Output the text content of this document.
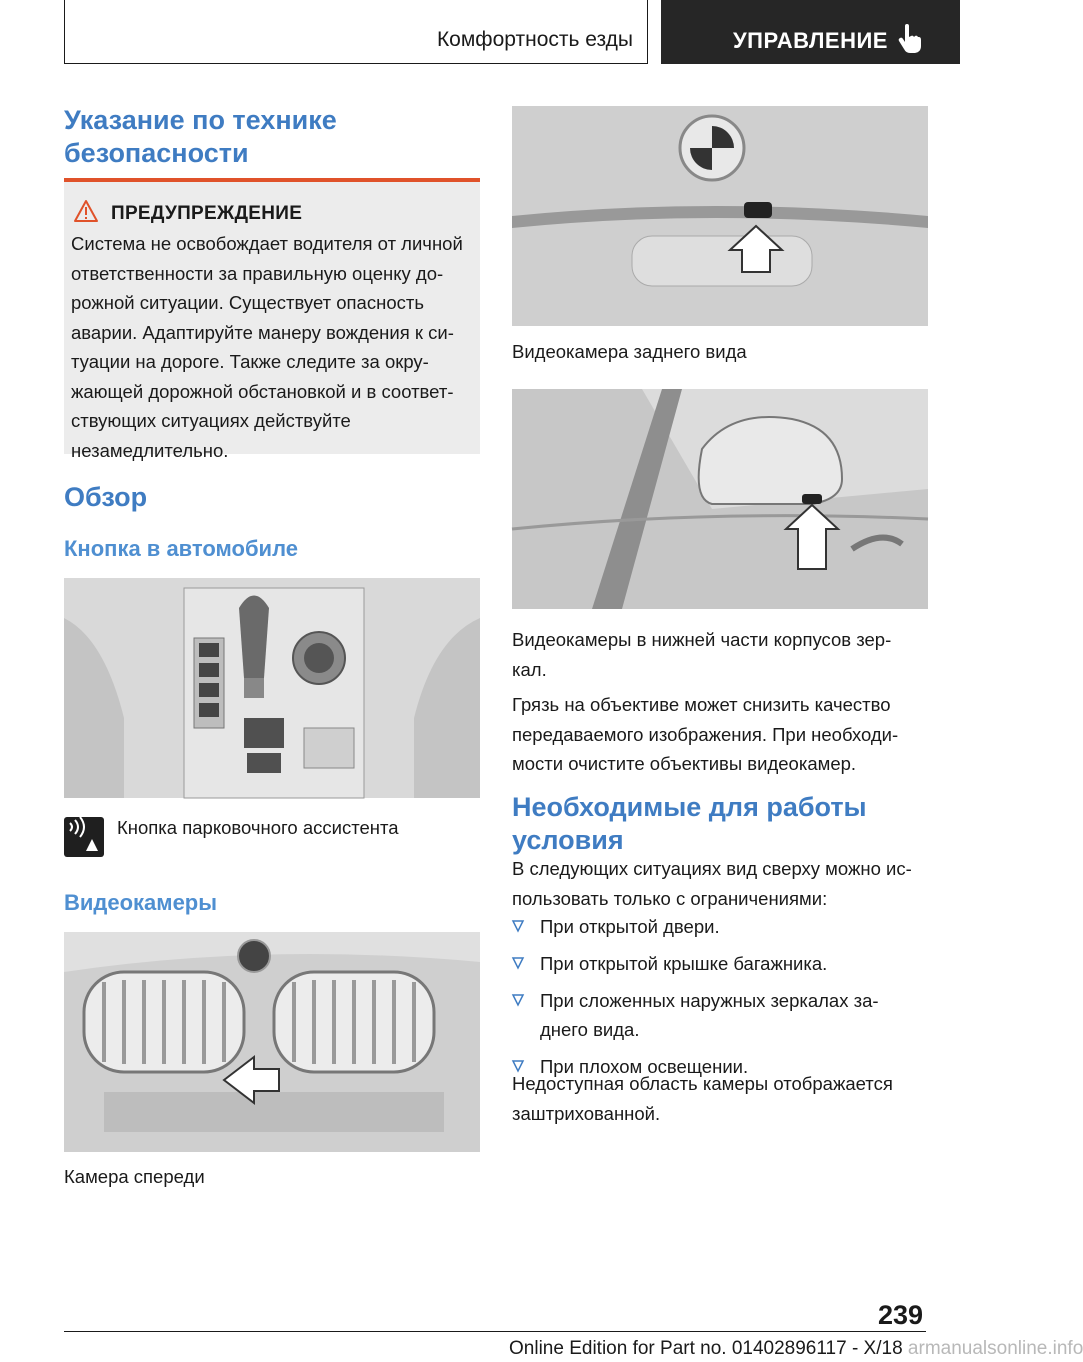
Комфортность езды	УПРАВЛЕНИЕ
Указание по технике безопасности
ПРЕДУПРЕЖДЕНИЕ
Система не освобождает водителя от личной ответственности за правильную оценку до-рожной ситуации. Существует опасность аварии. Адаптируйте манеру вождения к си-туации на дороге. Также следите за окру-жающей дорожной обстановкой и в соответ-ствующих ситуациях действуйте незамедлительно.
Обзор
Кнопка в автомобиле
Кнопка парковочного ассистента
Видеокамеры
Камера спереди
Видеокамера заднего вида
Видеокамеры в нижней части корпусов зер-кал.
Грязь на объективе может снизить качество передаваемого изображения. При необходи-мости очистите объективы видеокамер.
Необходимые для работы условия
В следующих ситуациях вид сверху можно ис-пользовать только с ограничениями:
При открытой двери.
При открытой крышке багажника.
При сложенных наружных зеркалах за-днего вида.
При плохом освещении.
Недоступная область камеры отображается заштрихованной.
239
Online Edition for Part no. 01402896117 - X/18 armanualsonline.info
